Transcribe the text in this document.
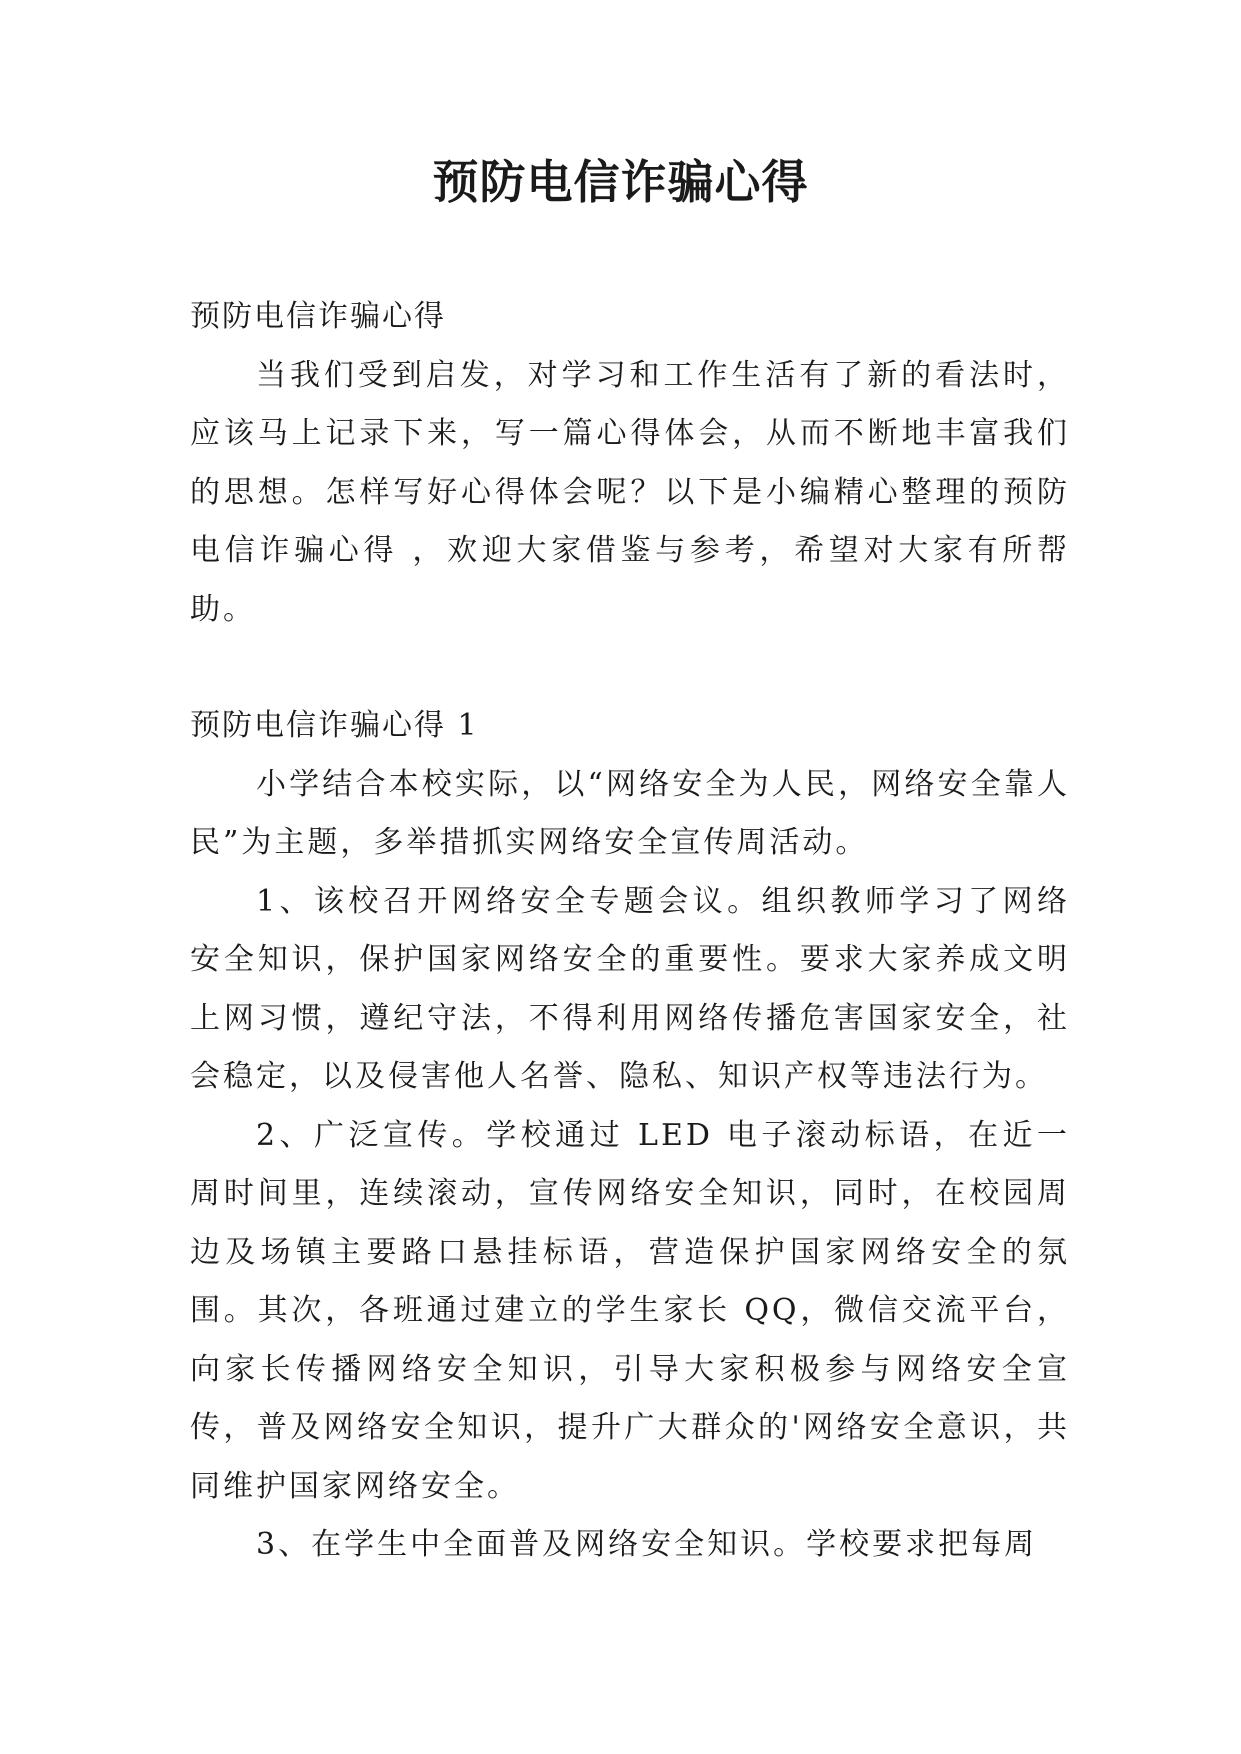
预防电信诈骗心得

预防电信诈骗心得

当我们受到启发，对学习和工作生活有了新的看法时，应该马上记录下来，写一篇心得体会，从而不断地丰富我们的思想。怎样写好心得体会呢？以下是小编精心整理的预防电信诈骗心得 ，欢迎大家借鉴与参考，希望对大家有所帮助。

预防电信诈骗心得 1

小学结合本校实际，以“网络安全为人民，网络安全靠人民”为主题，多举措抓实网络安全宣传周活动。

1、该校召开网络安全专题会议。组织教师学习了网络安全知识，保护国家网络安全的重要性。要求大家养成文明上网习惯，遵纪守法，不得利用网络传播危害国家安全，社会稳定，以及侵害他人名誉、隐私、知识产权等违法行为。

2、广泛宣传。学校通过 LED 电子滚动标语，在近一周时间里，连续滚动，宣传网络安全知识，同时，在校园周边及场镇主要路口悬挂标语，营造保护国家网络安全的氛围。其次，各班通过建立的学生家长 QQ，微信交流平台，向家长传播网络安全知识，引导大家积极参与网络安全宣传，普及网络安全知识，提升广大群众的'网络安全意识，共同维护国家网络安全。

3、在学生中全面普及网络安全知识。学校要求把每周
